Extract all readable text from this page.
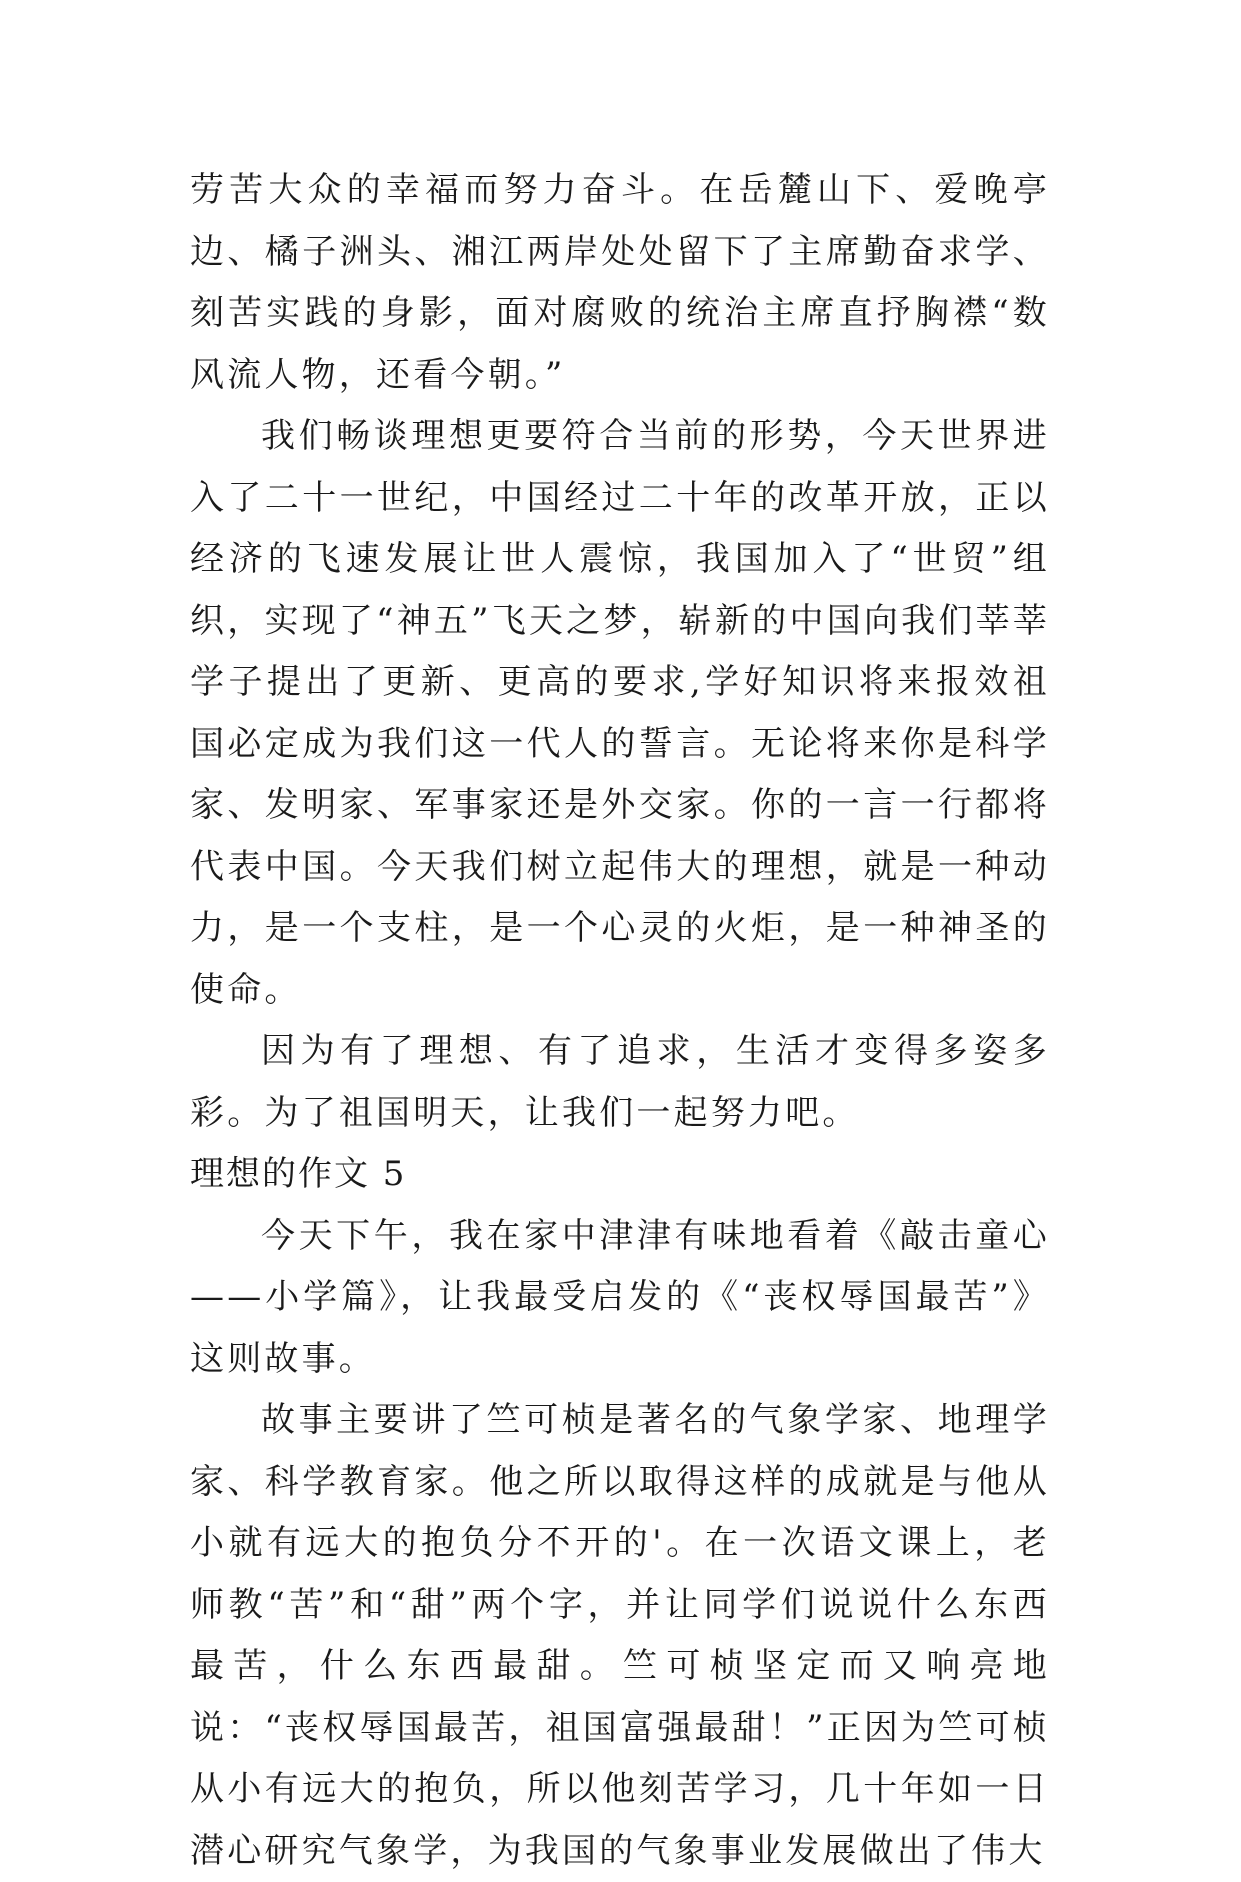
劳苦大众的幸福而努力奋斗。在岳麓山下、爱晚亭边、橘子洲头、湘江两岸处处留下了主席勤奋求学、刻苦实践的身影，面对腐败的统治主席直抒胸襟“数风流人物，还看今朝。”

我们畅谈理想更要符合当前的形势，今天世界进入了二十一世纪，中国经过二十年的改革开放，正以经济的飞速发展让世人震惊，我国加入了“世贸”组织，实现了“神五”飞天之梦，崭新的中国向我们莘莘学子提出了更新、更高的要求,学好知识将来报效祖国必定成为我们这一代人的誓言。无论将来你是科学家、发明家、军事家还是外交家。你的一言一行都将代表中国。今天我们树立起伟大的理想，就是一种动力，是一个支柱，是一个心灵的火炬，是一种神圣的使命。

因为有了理想、有了追求，生活才变得多姿多彩。为了祖国明天，让我们一起努力吧。

理想的作文 5

今天下午，我在家中津津有味地看着《敲击童心——小学篇》，让我最受启发的《“丧权辱国最苦”》这则故事。

故事主要讲了竺可桢是著名的气象学家、地理学家、科学教育家。他之所以取得这样的成就是与他从小就有远大的抱负分不开的'。在一次语文课上，老师教“苦”和“甜”两个字，并让同学们说说什么东西最苦，什么东西最甜。竺可桢坚定而又响亮地说：“丧权辱国最苦，祖国富强最甜！”正因为竺可桢从小有远大的抱负，所以他刻苦学习，几十年如一日潜心研究气象学，为我国的气象事业发展做出了伟大
